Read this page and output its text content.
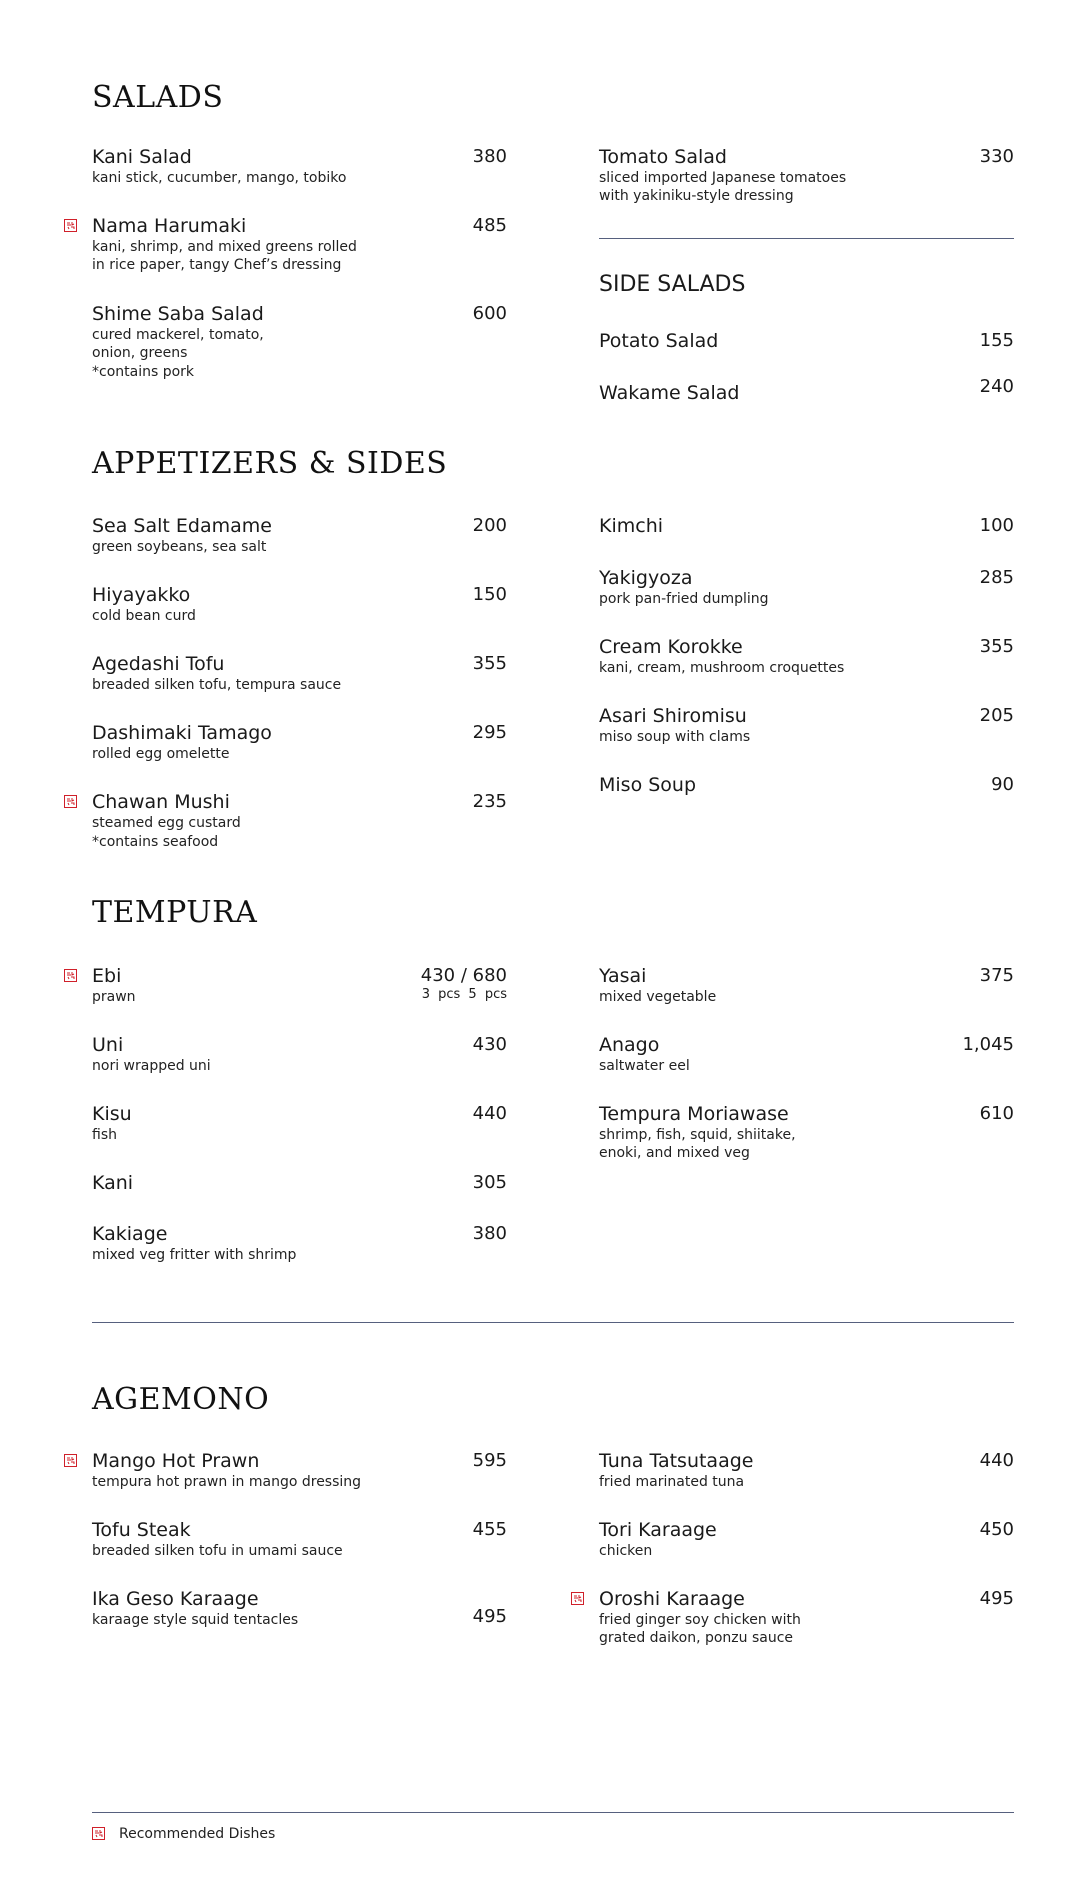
SALADS
Kani Salad
kani stick, cucumber, mango, tobiko
380
Nama Harumaki
kani, shrimp, and mixed greens rolled in rice paper, tangy Chef’s dressing
485
Shime Saba Salad
cured mackerel, tomato, onion, greens
*contains pork
600
Tomato Salad
sliced imported Japanese tomatoes with yakiniku-style dressing
330
SIDE SALADS
Potato Salad	155
Wakame Salad	240
APPETIZERS & SIDES
Sea Salt Edamame
green soybeans, sea salt
200
Hiyayakko
cold bean curd
150
Agedashi Tofu
breaded silken tofu, tempura sauce
355
Dashimaki Tamago
rolled egg omelette
295
Chawan Mushi
steamed egg custard
*contains seafood
235
Kimchi	100
Yakigyoza
pork pan-fried dumpling
285
Cream Korokke
kani, cream, mushroom croquettes
355
Asari Shiromisu
miso soup with clams
205
Miso Soup	90
TEMPURA
Ebi
prawn
430 / 680
3 pcs 5 pcs
Uni
nori wrapped uni
430
Kisu
fish
440
Kani	305
Kakiage
mixed veg fritter with shrimp
380
Yasai
mixed vegetable
375
Anago
saltwater eel
1,045
Tempura Moriawase
shrimp, fish, squid, shiitake, enoki, and mixed veg
610
AGEMONO
Mango Hot Prawn
tempura hot prawn in mango dressing
595
Tofu Steak
breaded silken tofu in umami sauce
455
Ika Geso Karaage
karaage style squid tentacles	495
Tuna Tatsutaage
fried marinated tuna
440
Tori Karaage
chicken
450
Oroshi Karaage
fried ginger soy chicken with grated daikon, ponzu sauce
495
Recommended Dishes
